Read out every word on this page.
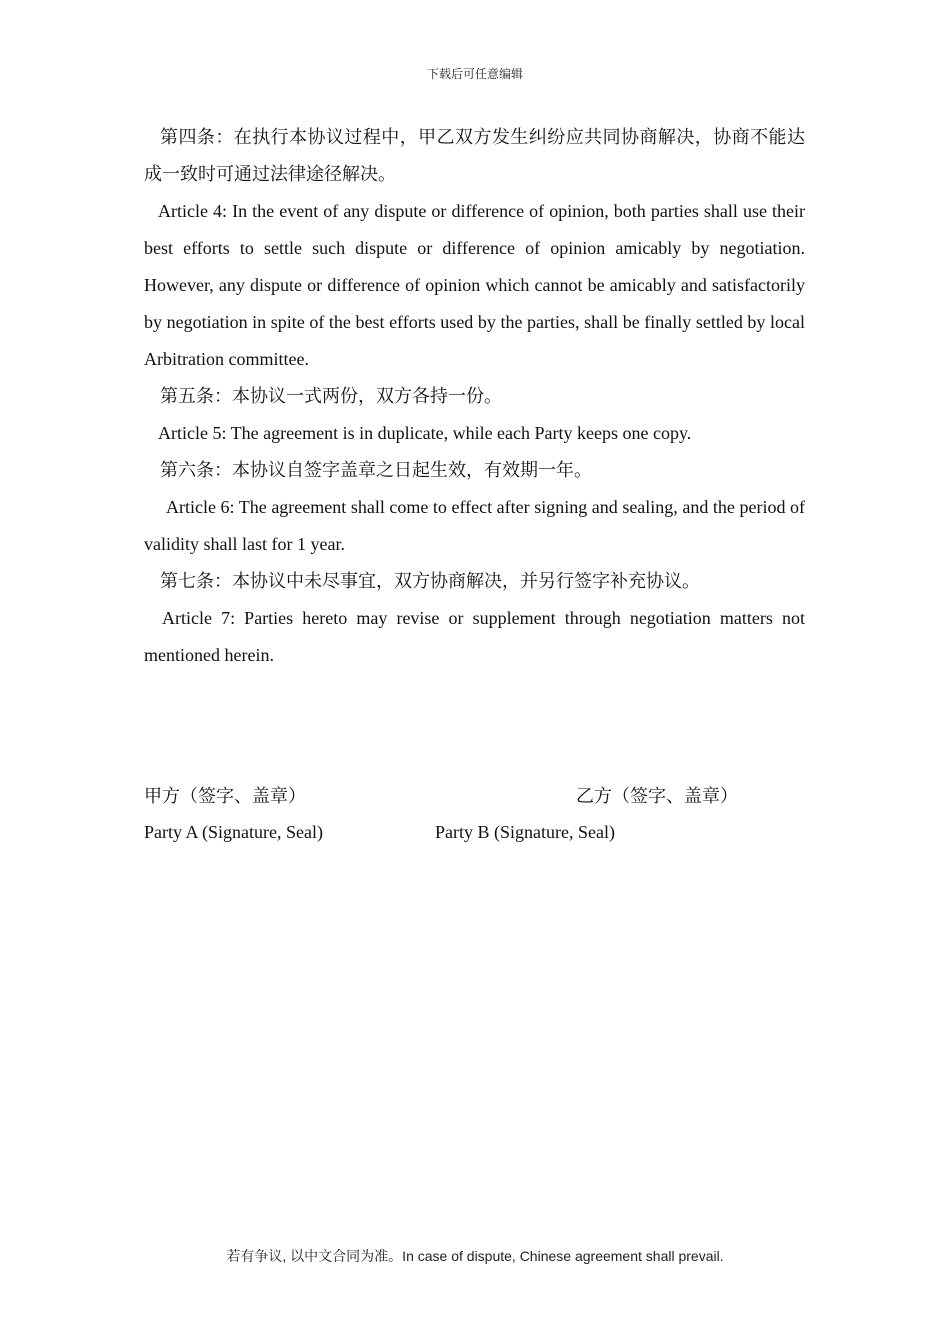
下载后可任意编辑

第四条：在执行本协议过程中，甲乙双方发生纠纷应共同协商解决，协商不能达成一致时可通过法律途径解决。

Article 4: In the event of any dispute or difference of opinion, both parties shall use their best efforts to settle such dispute or difference of opinion amicably by negotiation. However, any dispute or difference of opinion which cannot be amicably and satisfactorily by negotiation in spite of the best efforts used by the parties, shall be finally settled by local Arbitration committee.

第五条：本协议一式两份，双方各持一份。

Article 5: The agreement is in duplicate, while each Party keeps one copy.

第六条：本协议自签字盖章之日起生效，有效期一年。

Article 6: The agreement shall come to effect after signing and sealing, and the period of validity shall last for 1 year.

第七条：本协议中未尽事宜，双方协商解决，并另行签字补充协议。

Article 7: Parties hereto may revise or supplement through negotiation matters not mentioned herein.

甲方（签字、盖章）	乙方（签字、盖章）
Party A (Signature, Seal)	Party B (Signature, Seal)
若有争议, 以中文合同为准。In case of dispute, Chinese agreement shall prevail.
